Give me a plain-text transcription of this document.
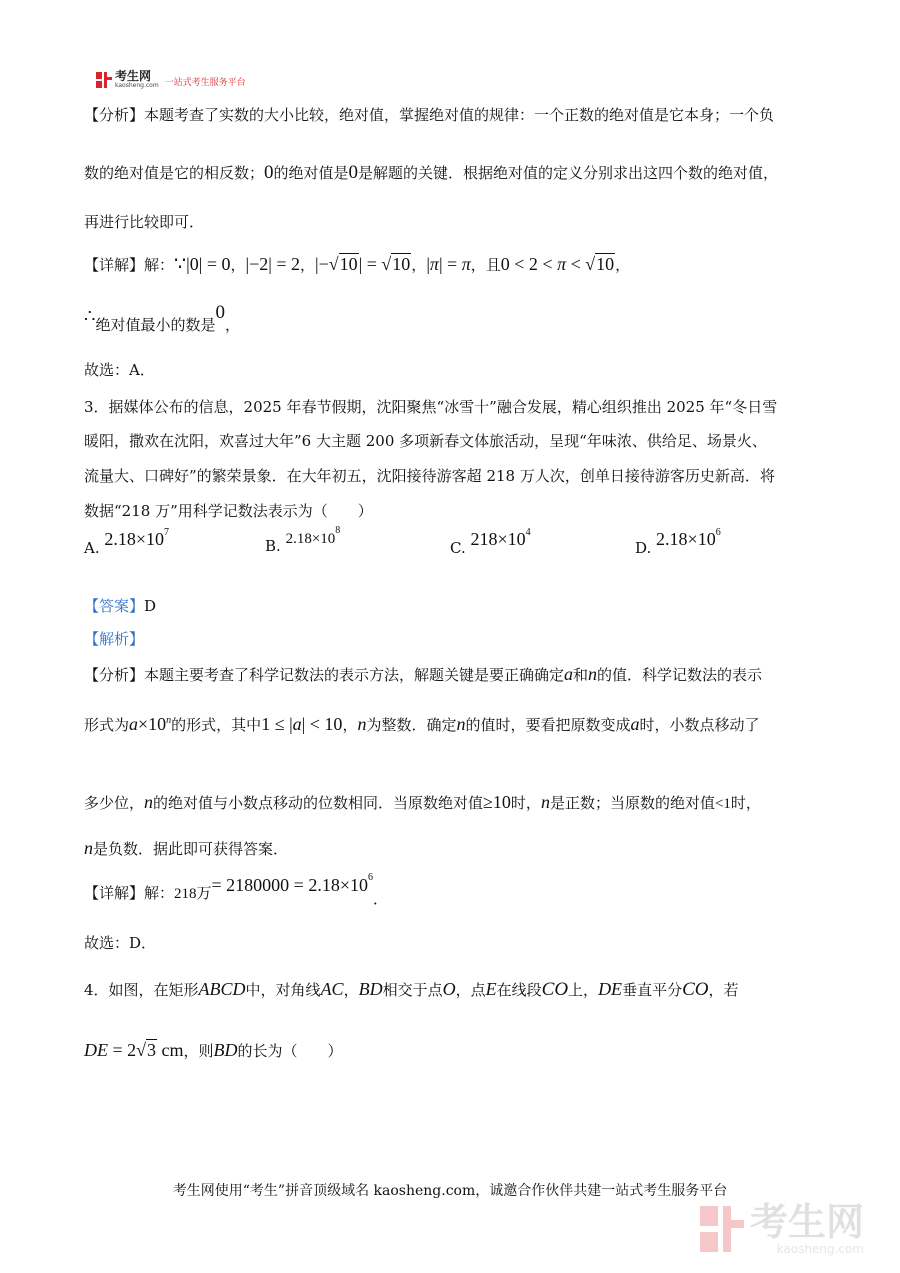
考生网
kaosheng.com 一站式考生服务平台
【分析】本题考查了实数的大小比较，绝对值，掌握绝对值的规律：一个正数的绝对值是它本身；一个负
数的绝对值是它的相反数；0的绝对值是0是解题的关键．根据绝对值的定义分别求出这四个数的绝对值，
再进行比较即可．
【详解】解：∵|0| = 0，|−2| = 2，|−√10| = √10，|π| = π，且0 < 2 < π < √10，
∴绝对值最小的数是0，
故选：A．
3．据媒体公布的信息，2025 年春节假期，沈阳聚焦“冰雪十”融合发展，精心组织推出 2025 年“冬日雪
暖阳，撒欢在沈阳，欢喜过大年”6 大主题 200 多项新春文体旅活动，呈现“年味浓、供给足、场景火、
流量大、口碑好”的繁荣景象．在大年初五，沈阳接待游客超 218 万人次，创单日接待游客历史新高．将
数据“218 万”用科学记数法表示为（　　）
A. $2.18\times 10^7$
B. $2.18\times 10^8$
C. $218\times 10^4$
D. $2.18\times 10^6$
【答案】D
【解析】
【分析】本题主要考查了科学记数法的表示方法，解题关键是要正确确定a和n的值．科学记数法的表示
形式为$a\times 10^n$的形式，其中1 ≤ |a| < 10，n为整数．确定n的值时，要看把原数变成a时，小数点移动了
多少位，n的绝对值与小数点移动的位数相同．当原数绝对值≥10时，n是正数；当原数的绝对值<1时，
n是负数．据此即可获得答案．
【详解】解：218万= $2180000 = 2.18\times 10^6$．
故选：D．
4．如图，在矩形ABCD中，对角线AC，BD相交于点O，点E在线段CO上，DE垂直平分CO，若
DE = 2√3 cm，则BD的长为（　　）
考生网使用“考生”拼音顶级域名 kaosheng.com，诚邀合作伙伴共建一站式考生服务平台
考生网
kaosheng.com
